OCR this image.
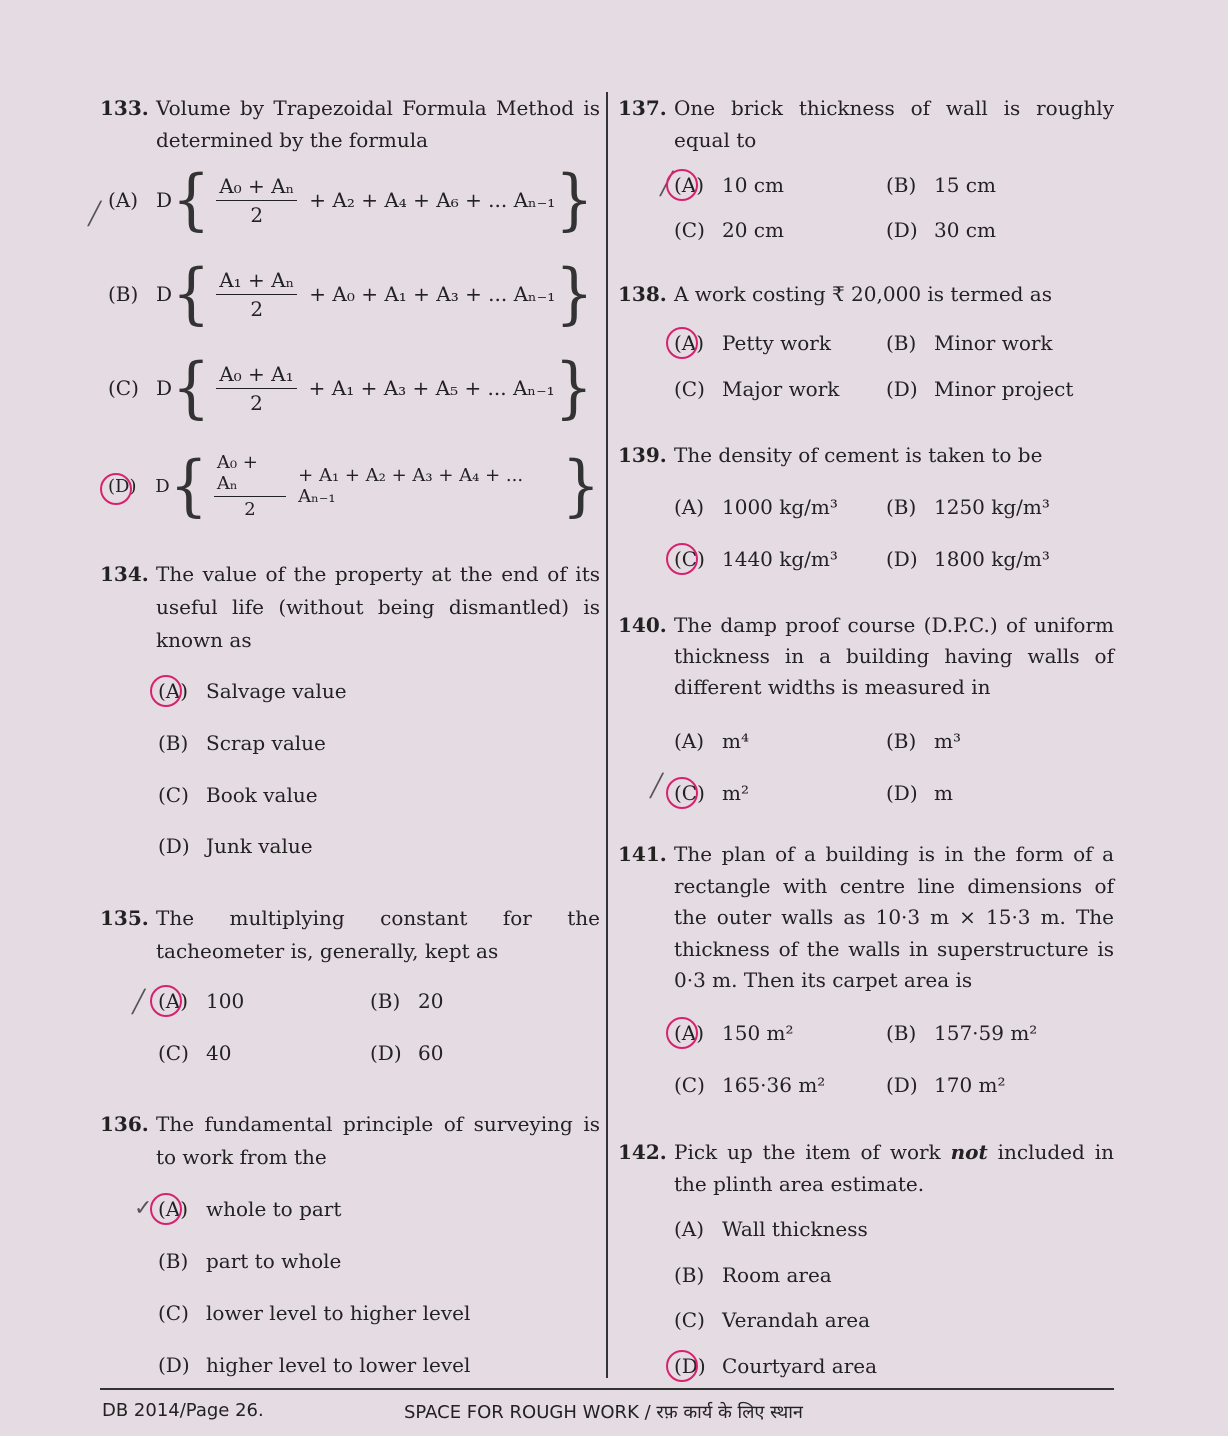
133. Volume by Trapezoidal Formula Method is determined by the formula
╱
(A) D { $\frac{\text{A₀ + Aₙ}}{2} + A_2 + A_4 + A_6$ + ... Aₙ₋₁ }
(B) D { $\frac{\text{A₁ + Aₙ}}{2} + A_0 + A_1 + A_3$ + ... Aₙ₋₁ }
(C) D { $\frac{\text{A₀ + A₁}}{2} + A_1 + A_3 + A_5$ + ... Aₙ₋₁ }
(D)	D { $\frac{\text{A₀ + Aₙ}}{2} + A_1 + A_2 + A_3 + A_4$ + ... Aₙ₋₁	}
134. The value of the property at the end of its useful life (without being dismantled) is known as
(A) Salvage value
(B) Scrap value
(C) Book value
(D) Junk value
135. The multiplying constant for the tacheometer is, generally, kept as
╱ (A) 100	(B) 20
(C) 40	(D) 60
136. The fundamental principle of surveying is to work from the
✓ (A) whole to part
(B) part to whole
(C) lower level to higher level
(D) higher level to lower level
137. One brick thickness of wall is roughly equal to
╱ (A) 10 cm	(B) 15 cm
(C) 20 cm	(D) 30 cm
138. A work costing ₹ 20,000 is termed as
(A) Petty work	(B) Minor work
(C) Major work (D) Minor project
139. The density of cement is taken to be
(A) 1000 kg/m³ (B) 1250 kg/m³
(C) 1440 kg/m³ (D) 1800 kg/m³
140. The damp proof course (D.P.C.) of uniform thickness in a building having walls of different widths is measured in
(A) m⁴	(B) m³
╱ (C) m²	(D) m
141. The plan of a building is in the form of a rectangle with centre line dimensions of the outer walls as 10·3 m × 15·3 m. The thickness of the walls in superstructure is 0·3 m. Then its carpet area is
(A) 150 m²	(B) 157·59 m²
(C) 165·36 m²	(D) 170 m²
142. Pick up the item of work not included in the plinth area estimate.
(A) Wall thickness
(B) Room area
(C) Verandah area
(D) Courtyard area
DB 2014/Page 26.	SPACE FOR ROUGH WORK / रफ़ कार्य के लिए स्थान
